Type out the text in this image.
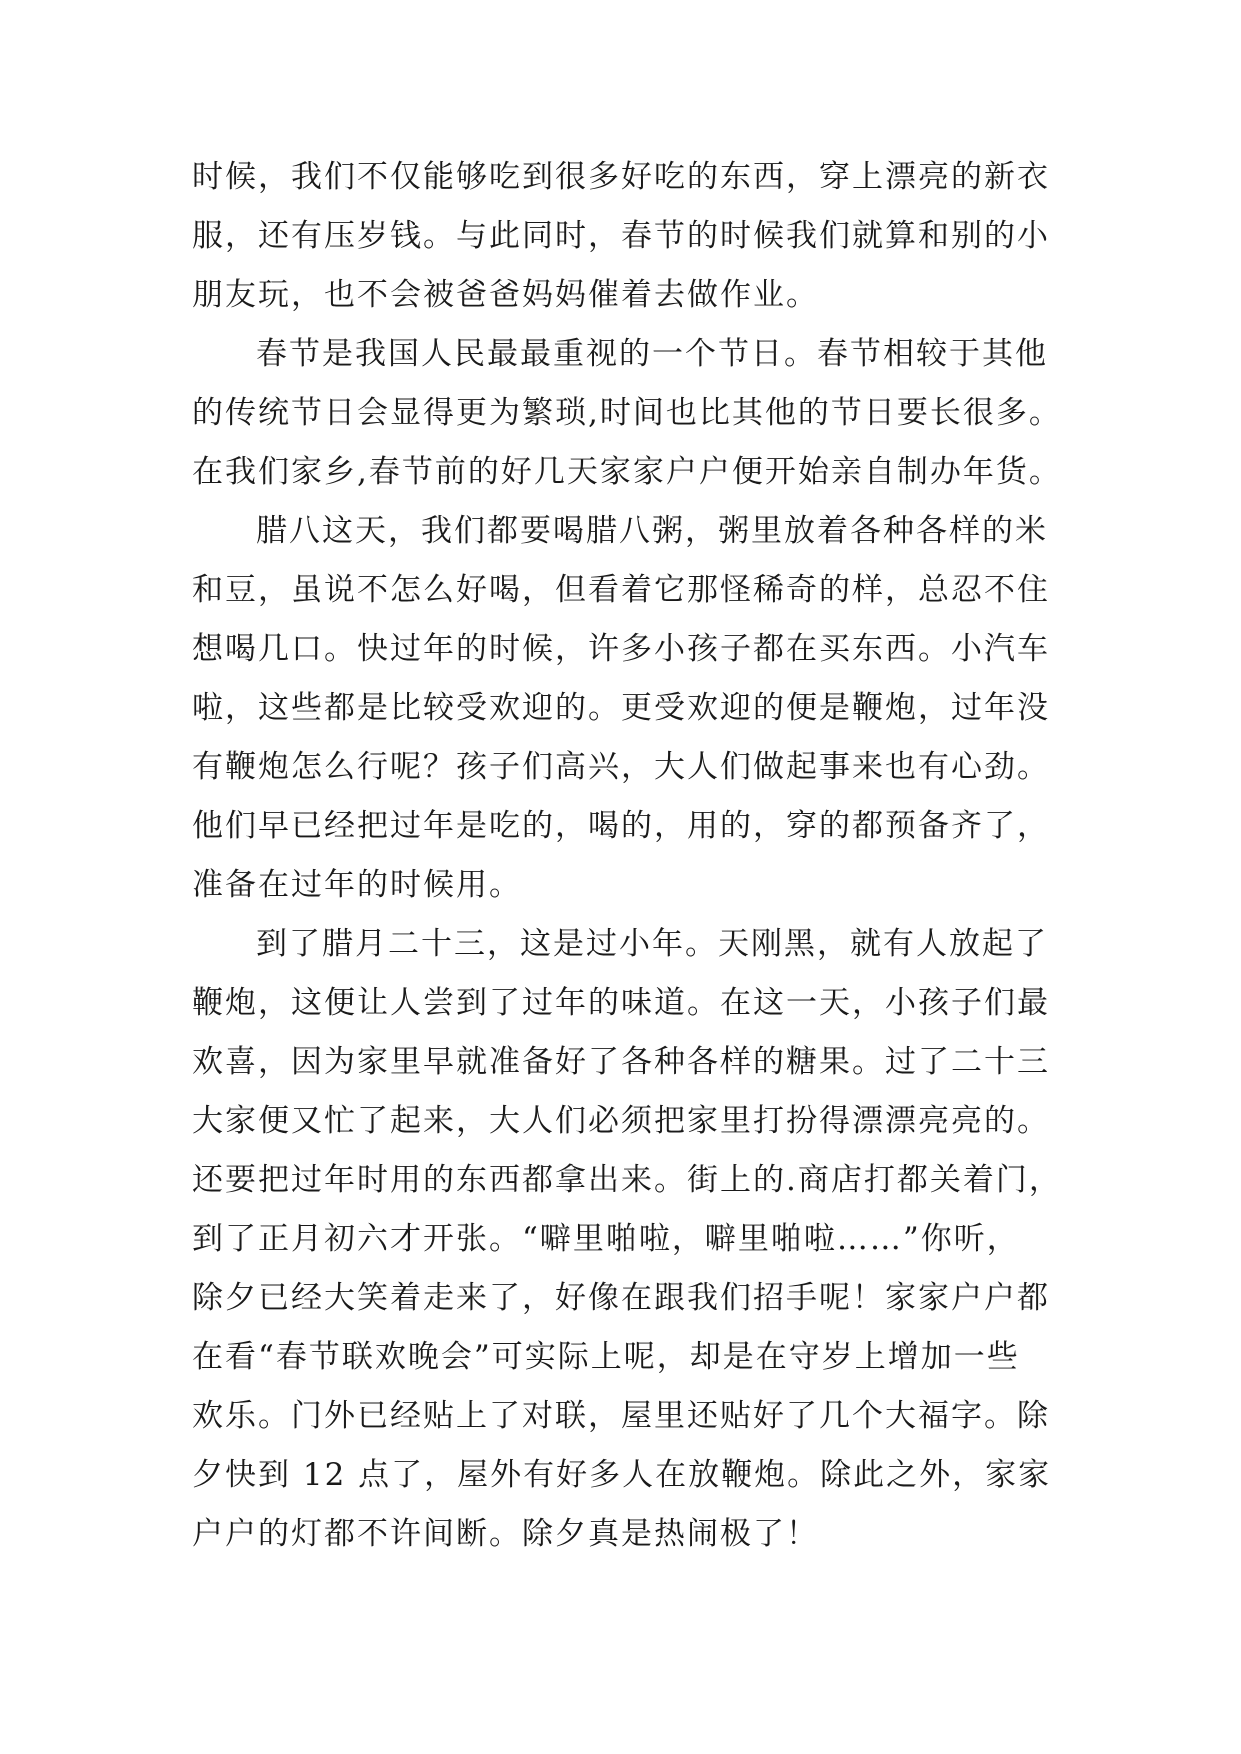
时候，我们不仅能够吃到很多好吃的东西，穿上漂亮的新衣
服，还有压岁钱。与此同时，春节的时候我们就算和别的小
朋友玩，也不会被爸爸妈妈催着去做作业。
春节是我国人民最最重视的一个节日。春节相较于其他
的传统节日会显得更为繁琐,时间也比其他的节日要长很多。
在我们家乡,春节前的好几天家家户户便开始亲自制办年货。
腊八这天，我们都要喝腊八粥，粥里放着各种各样的米
和豆，虽说不怎么好喝，但看着它那怪稀奇的样，总忍不住
想喝几口。快过年的时候，许多小孩子都在买东西。小汽车
啦，这些都是比较受欢迎的。更受欢迎的便是鞭炮，过年没
有鞭炮怎么行呢？孩子们高兴，大人们做起事来也有心劲。
他们早已经把过年是吃的，喝的，用的，穿的都预备齐了，
准备在过年的时候用。
到了腊月二十三，这是过小年。天刚黑，就有人放起了
鞭炮，这便让人尝到了过年的味道。在这一天，小孩子们最
欢喜，因为家里早就准备好了各种各样的糖果。过了二十三
大家便又忙了起来，大人们必须把家里打扮得漂漂亮亮的。
还要把过年时用的东西都拿出来。街上的.商店打都关着门，
到了正月初六才开张。“噼里啪啦，噼里啪啦……”你听，
除夕已经大笑着走来了，好像在跟我们招手呢！家家户户都
在看“春节联欢晚会”可实际上呢，却是在守岁上增加一些
欢乐。门外已经贴上了对联，屋里还贴好了几个大福字。除
夕快到 12 点了，屋外有好多人在放鞭炮。除此之外，家家
户户的灯都不许间断。除夕真是热闹极了！
